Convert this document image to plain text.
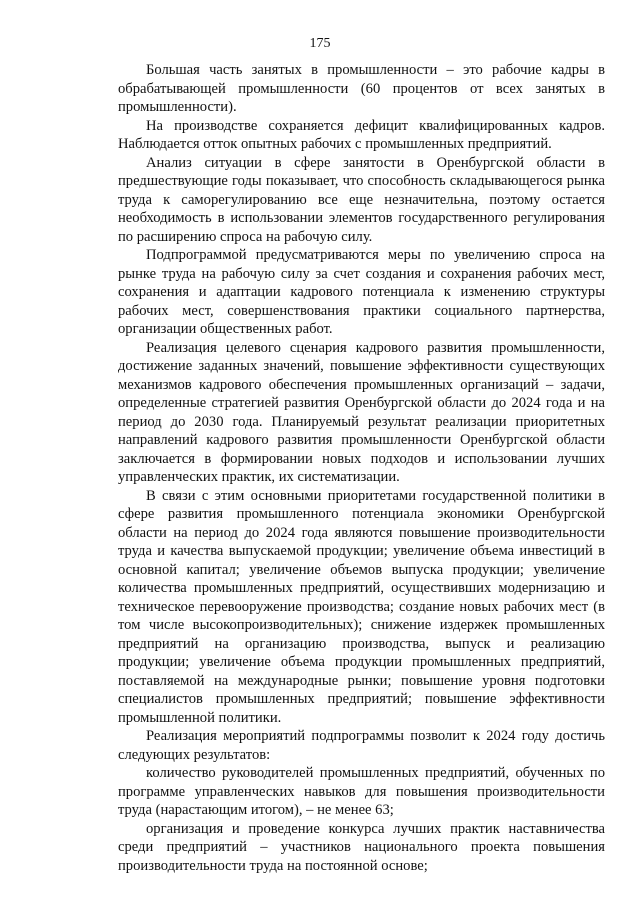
175

Большая часть занятых в промышленности – это рабочие кадры в обрабатывающей промышленности (60 процентов от всех занятых в промышленности).

На производстве сохраняется дефицит квалифицированных кадров. Наблюдается отток опытных рабочих с промышленных предприятий.

Анализ ситуации в сфере занятости в Оренбургской области в предшествующие годы показывает, что способность складывающегося рынка труда к саморегулированию все еще незначительна, поэтому остается необходимость в использовании элементов государственного регулирования по расширению спроса на рабочую силу.

Подпрограммой предусматриваются меры по увеличению спроса на рынке труда на рабочую силу за счет создания и сохранения рабочих мест, сохранения и адаптации кадрового потенциала к изменению структуры рабочих мест, совершенствования практики социального партнерства, организации общественных работ.

Реализация целевого сценария кадрового развития промышленности, достижение заданных значений, повышение эффективности существующих механизмов кадрового обеспечения промышленных организаций – задачи, определенные стратегией развития Оренбургской области до 2024 года и на период до 2030 года. Планируемый результат реализации приоритетных направлений кадрового развития промышленности Оренбургской области заключается в формировании новых подходов и использовании лучших управленческих практик, их систематизации.

В связи с этим основными приоритетами государственной политики в сфере развития промышленного потенциала экономики Оренбургской области на период до 2024 года являются повышение производительности труда и качества выпускаемой продукции; увеличение объема инвестиций в основной капитал; увеличение объемов выпуска продукции; увеличение количества промышленных предприятий, осуществивших модернизацию и техническое перевооружение производства; создание новых рабочих мест (в том числе высокопроизводительных); снижение издержек промышленных предприятий на организацию производства, выпуск и реализацию продукции; увеличение объема продукции промышленных предприятий, поставляемой на международные рынки; повышение уровня подготовки специалистов промышленных предприятий; повышение эффективности промышленной политики.

Реализация мероприятий подпрограммы позволит к 2024 году достичь следующих результатов:

количество руководителей промышленных предприятий, обученных по программе управленческих навыков для повышения производительности труда (нарастающим итогом), – не менее 63;

организация и проведение конкурса лучших практик наставничества среди предприятий – участников национального проекта повышения производительности труда на постоянной основе;
